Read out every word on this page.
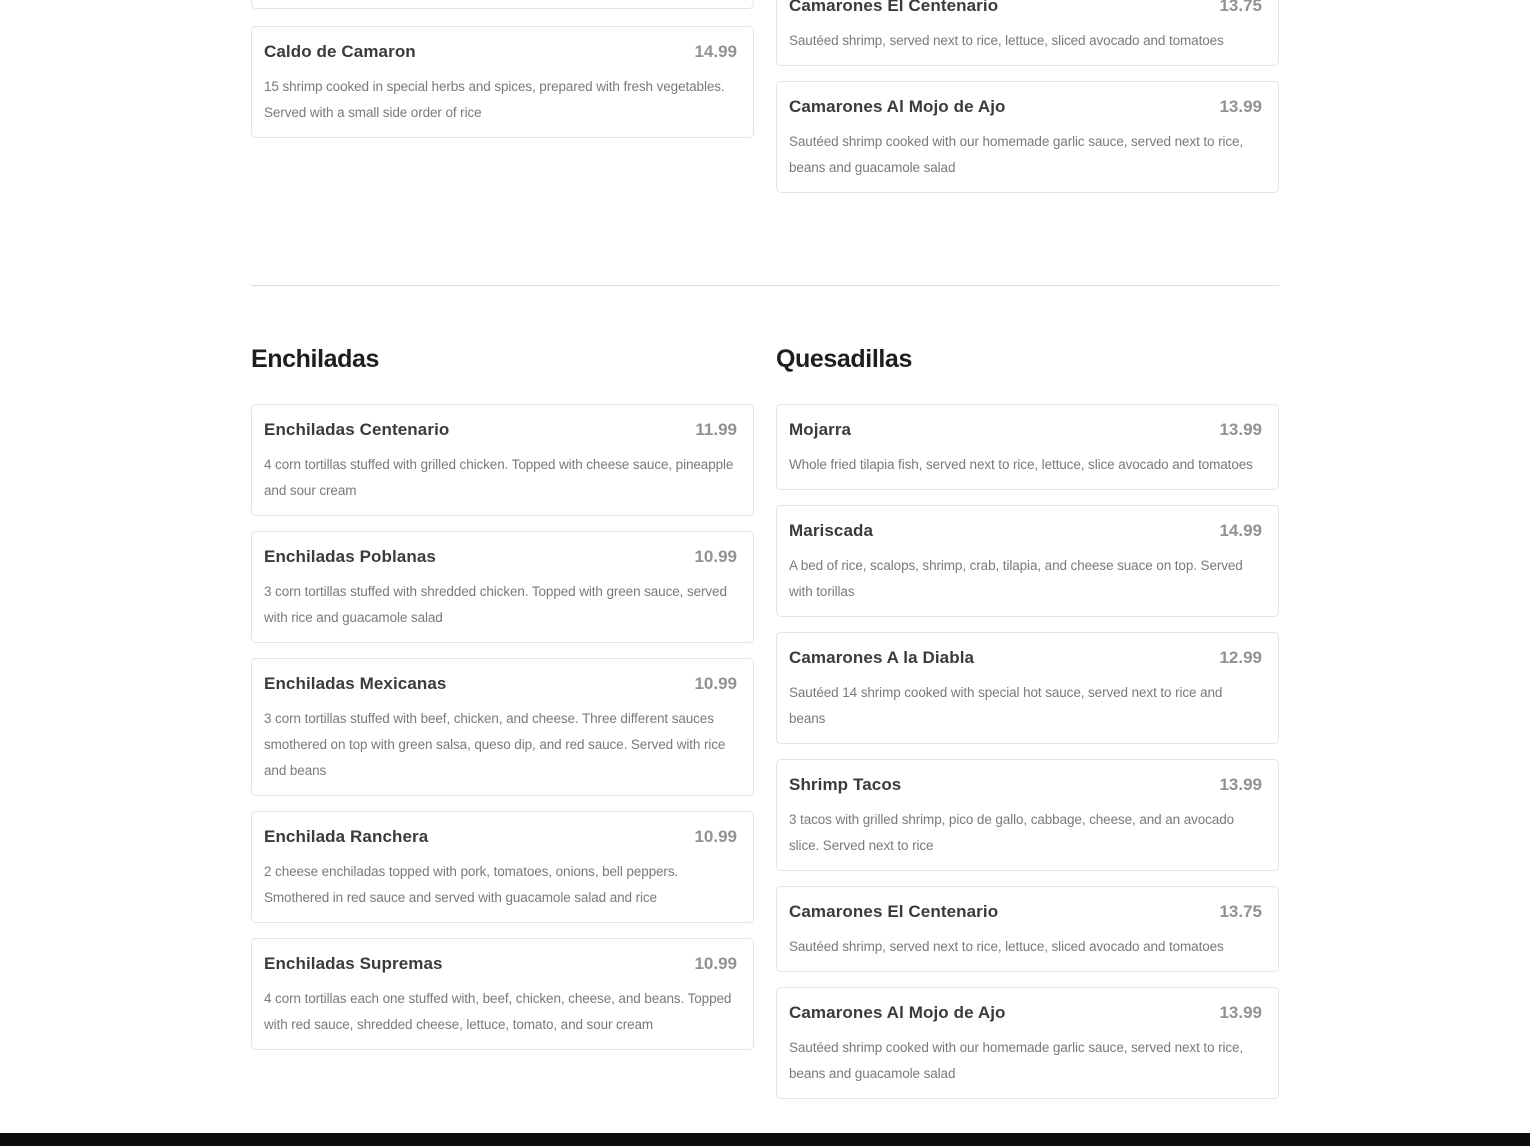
Caldo de Camaron	14.99

15 shrimp cooked in special herbs and spices, prepared with fresh vegetables. Served with a small side order of rice

Camarones El Centenario	13.75

Sautéed shrimp, served next to rice, lettuce, sliced avocado and tomatoes

Camarones Al Mojo de Ajo	13.99

Sautéed shrimp cooked with our homemade garlic sauce, served next to rice, beans and guacamole salad

Enchiladas
Enchiladas Centenario	11.99

4 corn tortillas stuffed with grilled chicken. Topped with cheese sauce, pineapple and sour cream

Enchiladas Poblanas	10.99

3 corn tortillas stuffed with shredded chicken. Topped with green sauce, served with rice and guacamole salad

Enchiladas Mexicanas	10.99

3 corn tortillas stuffed with beef, chicken, and cheese. Three different sauces smothered on top with green salsa, queso dip, and red sauce. Served with rice and beans

Enchilada Ranchera	10.99

2 cheese enchiladas topped with pork, tomatoes, onions, bell peppers. Smothered in red sauce and served with guacamole salad and rice

Enchiladas Supremas	10.99

4 corn tortillas each one stuffed with, beef, chicken, cheese, and beans. Topped with red sauce, shredded cheese, lettuce, tomato, and sour cream

Quesadillas
Mojarra	13.99

Whole fried tilapia fish, served next to rice, lettuce, slice avocado and tomatoes

Mariscada	14.99

A bed of rice, scalops, shrimp, crab, tilapia, and cheese suace on top. Served with torillas

Camarones A la Diabla	12.99

Sautéed 14 shrimp cooked with special hot sauce, served next to rice and beans

Shrimp Tacos	13.99

3 tacos with grilled shrimp, pico de gallo, cabbage, cheese, and an avocado slice. Served next to rice

Camarones El Centenario	13.75

Sautéed shrimp, served next to rice, lettuce, sliced avocado and tomatoes

Camarones Al Mojo de Ajo	13.99

Sautéed shrimp cooked with our homemade garlic sauce, served next to rice, beans and guacamole salad
